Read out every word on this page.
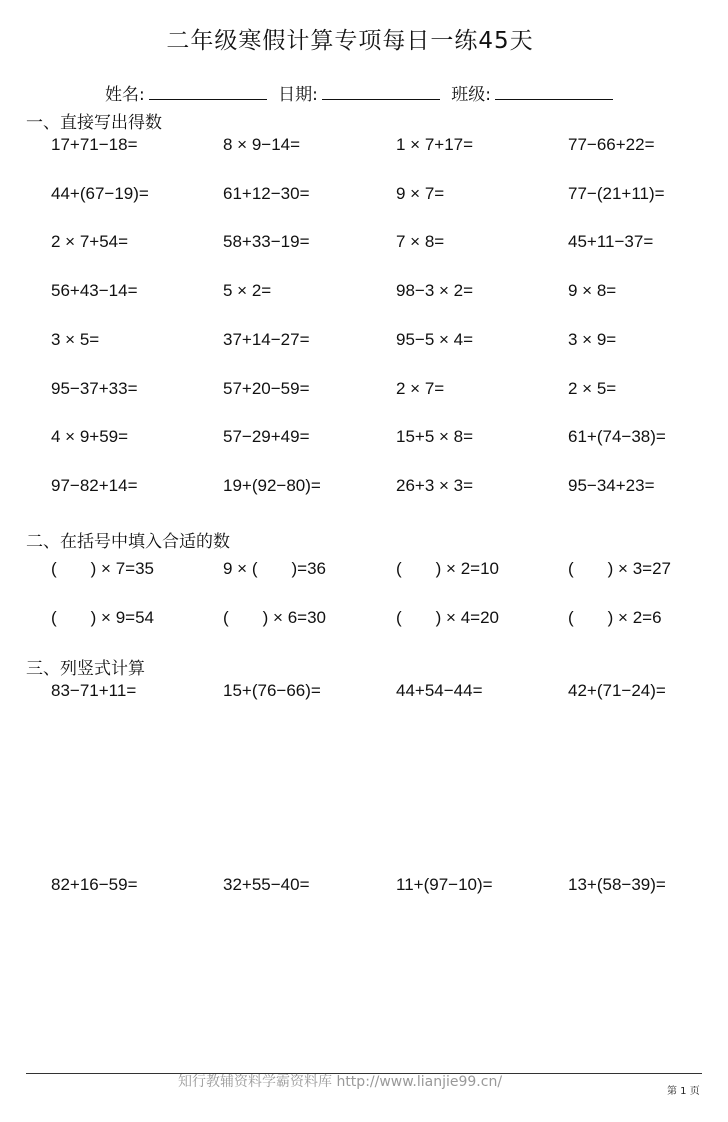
二年级寒假计算专项每日一练45天
姓名:	日期:	班级:
一、直接写出得数
17+71−18=	8 × 9−14=	1 × 7+17=	77−66+22=
44+(67−19)=	61+12−30=	9 × 7=	77−(21+11)=
2 × 7+54=	58+33−19=	7 × 8=	45+11−37=
56+43−14=	5 × 2=	98−3 × 2=	9 × 8=
3 × 5=	37+14−27=	95−5 × 4=	3 × 9=
95−37+33=	57+20−59=	2 × 7=	2 × 5=
4 × 9+59=	57−29+49=	15+5 × 8=	61+(74−38)=
97−82+14=	19+(92−80)=	26+3 × 3=	95−34+23=
二、在括号中填入合适的数
(　　) × 7=35	9 × (　　)=36	(　　) × 2=10	(　　) × 3=27
(　　) × 9=54	(　　) × 6=30	(　　) × 4=20	(　　) × 2=6
三、列竖式计算
83−71+11=	15+(76−66)=	44+54−44=	42+(71−24)=
82+16−59=	32+55−40=	11+(97−10)=	13+(58−39)=
知行教辅资料学霸资料库 http://www.lianjie99.cn/
第 1 页
